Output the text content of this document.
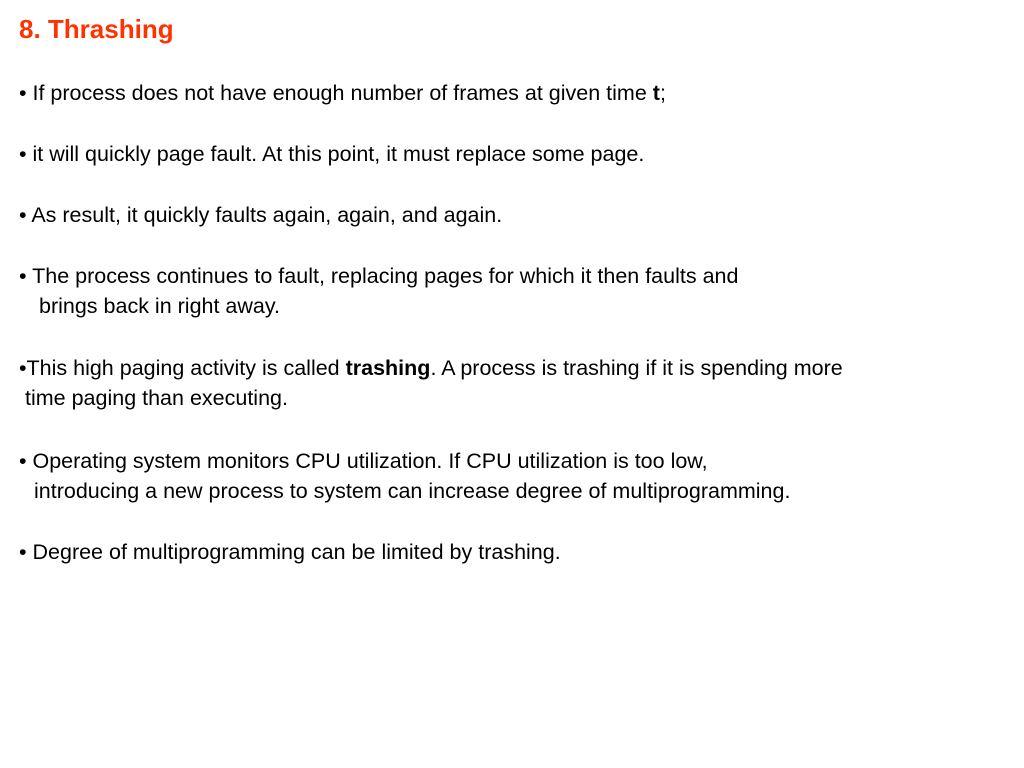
8. Thrashing

• If process does not have enough number of frames at given time t;

• it will quickly page fault. At this point, it must replace some page.

• As result, it quickly faults again, again, and again.

• The process continues to fault, replacing pages for which it then faults and
brings back in right away.

•This high paging activity is called trashing. A process is trashing if it is spending more
time paging than executing.

• Operating system monitors CPU utilization. If CPU utilization is too low,
introducing a new process to system can increase degree of multiprogramming.

• Degree of multiprogramming can be limited by trashing.
